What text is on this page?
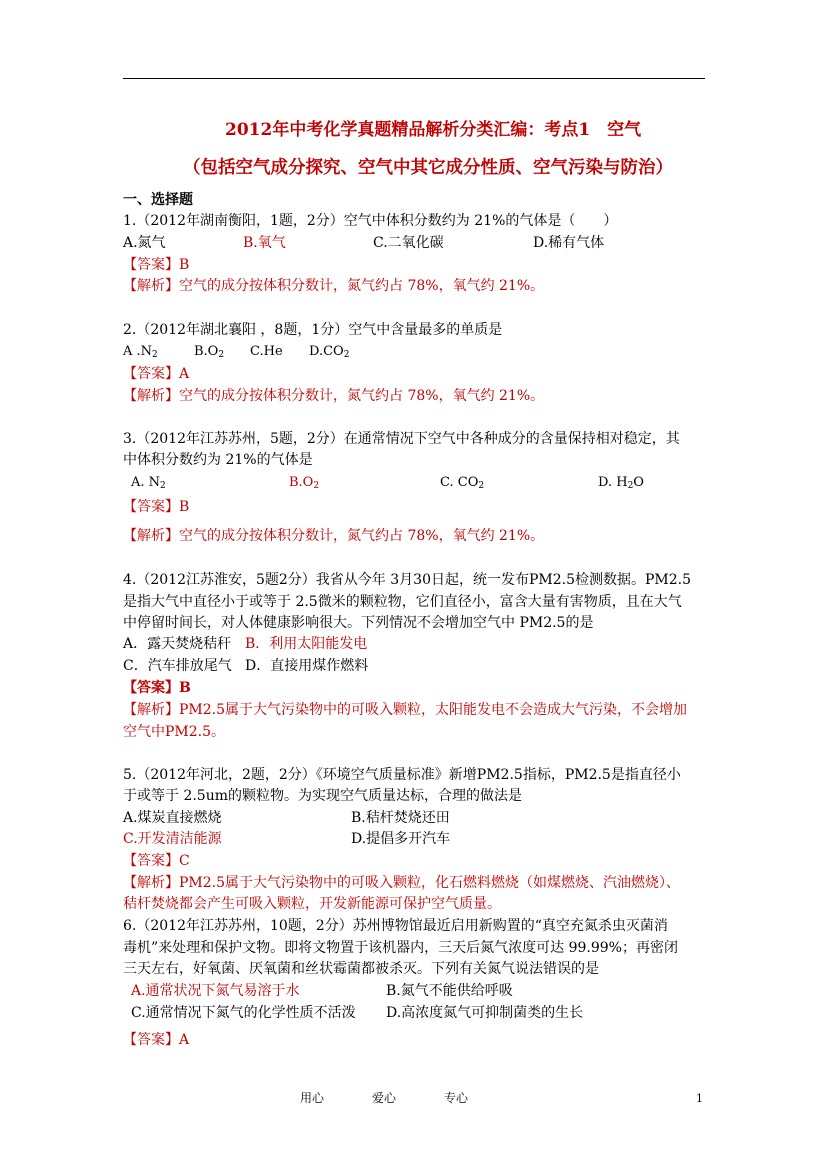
2012年中考化学真题精品解析分类汇编：考点1　空气
（包括空气成分探究、空气中其它成分性质、空气污染与防治）
一、选择题
1.（2012年湖南衡阳，1题，2分）空气中体积分数约为 21%的气体是（　　）
A.氮气	B.氧气	C.二氧化碳	D.稀有气体
【答案】B
【解析】空气的成分按体积分数计，氮气约占 78%，氧气约 21%。
2.（2012年湖北襄阳 ，8题，1分）空气中含量最多的单质是
A $.N_2$	$B.O_2$ C.He $D.CO_2$
【答案】A
【解析】空气的成分按体积分数计，氮气约占 78%，氧气约 21%。
3.（2012年江苏苏州，5题，2分）在通常情况下空气中各种成分的含量保持相对稳定，其
中体积分数约为 21%的气体是
A. $N_2$	$B.O_2$	C. $CO_2$	D. $H_2O$
【答案】B
【解析】空气的成分按体积分数计，氮气约占 78%，氧气约 21%。
4.（2012江苏淮安，5题2分）我省从今年 3月30日起，统一发布PM2.5检测数据。PM2.5
是指大气中直径小于或等于 2.5微米的颗粒物，它们直径小，富含大量有害物质，且在大气
中停留时间长，对人体健康影响很大。下列情况不会增加空气中 PM2.5的是
A．露天焚烧秸秆 B．利用太阳能发电
C．汽车排放尾气 D．直接用煤作燃料
【答案】B
【解析】PM2.5属于大气污染物中的可吸入颗粒，太阳能发电不会造成大气污染，不会增加
空气中PM2.5。
5.（2012年河北，2题，2分）《环境空气质量标准》新增PM2.5指标，PM2.5是指直径小
于或等于 2.5um的颗粒物。为实现空气质量达标，合理的做法是
A.煤炭直接燃烧	B.秸杆焚烧还田
C.开发清洁能源	D.提倡多开汽车
【答案】C
【解析】PM2.5属于大气污染物中的可吸入颗粒，化石燃料燃烧（如煤燃烧、汽油燃烧）、
秸杆焚烧都会产生可吸入颗粒，开发新能源可保护空气质量。
6.（2012年江苏苏州，10题，2分）苏州博物馆最近启用新购置的“真空充氮杀虫灭菌消
毒机”来处理和保护文物。即将文物置于该机器内，三天后氮气浓度可达 99.99%；再密闭
三天左右，好氧菌、厌氧菌和丝状霉菌都被杀灭。下列有关氮气说法错误的是
A.通常状况下氮气易溶于水	B.氮气不能供给呼吸
C.通常情况下氮气的化学性质不活泼 D.高浓度氮气可抑制菌类的生长
【答案】A
用心	爱心	专心	1
